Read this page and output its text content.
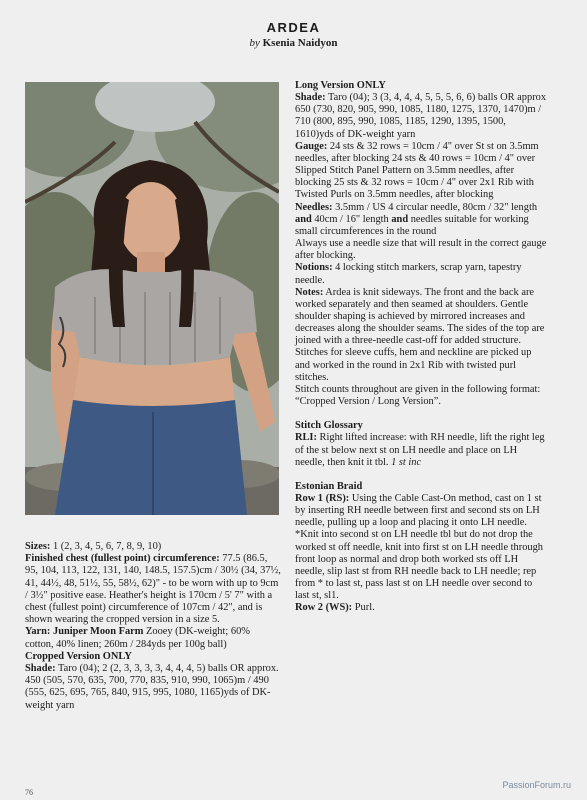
ARDEA
by Ksenia Naidyon

Sizes: 1 (2, 3, 4, 5, 6, 7, 8, 9, 10)

Finished chest (fullest point) circumference: 77.5 (86.5, 95, 104, 113, 122, 131, 140, 148.5, 157.5)cm / 30½ (34, 37½, 41, 44½, 48, 51½, 55, 58½, 62)" - to be worn with up to 9cm / 3½" positive ease. Heather's height is 170cm / 5' 7" with a chest (fullest point) circumference of 107cm / 42", and is shown wearing the cropped version in a size 5.

Yarn: Juniper Moon Farm Zooey (DK-weight; 60% cotton, 40% linen; 260m / 284yds per 100g ball)

Cropped Version ONLY

Shade: Taro (04); 2 (2, 3, 3, 3, 3, 4, 4, 4, 5) balls OR approx. 450 (505, 570, 635, 700, 770, 835, 910, 990, 1065)m / 490 (555, 625, 695, 765, 840, 915, 995, 1080, 1165)yds of DK-weight yarn

Long Version ONLY

Shade: Taro (04); 3 (3, 4, 4, 4, 5, 5, 5, 6, 6) balls OR approx 650 (730, 820, 905, 990, 1085, 1180, 1275, 1370, 1470)m / 710 (800, 895, 990, 1085, 1185, 1290, 1395, 1500, 1610)yds of DK-weight yarn

Gauge: 24 sts & 32 rows = 10cm / 4" over St st on 3.5mm needles, after blocking 24 sts & 40 rows = 10cm / 4" over Slipped Stitch Panel Pattern on 3.5mm needles, after blocking 25 sts & 32 rows = 10cm / 4" over 2x1 Rib with Twisted Purls on 3.5mm needles, after blocking

Needles: 3.5mm / US 4 circular needle, 80cm / 32" length and 40cm / 16" length and needles suitable for working small circumferences in the round

Always use a needle size that will result in the correct gauge after blocking.

Notions: 4 locking stitch markers, scrap yarn, tapestry needle.

Notes: Ardea is knit sideways. The front and the back are worked separately and then seamed at shoulders. Gentle shoulder shaping is achieved by mirrored increases and decreases along the shoulder seams. The sides of the top are joined with a three-needle cast-off for added structure. Stitches for sleeve cuffs, hem and neckline are picked up and worked in the round in 2x1 Rib with twisted purl stitches.

Stitch counts throughout are given in the following format: “Cropped Version / Long Version”.

Stitch Glossary

RLI: Right lifted increase: with RH needle, lift the right leg of the st below next st on LH needle and place on LH needle, then knit it tbl. 1 st inc

Estonian Braid

Row 1 (RS): Using the Cable Cast-On method, cast on 1 st by inserting RH needle between first and second sts on LH needle, pulling up a loop and placing it onto LH needle. *Knit into second st on LH needle tbl but do not drop the worked st off needle, knit into first st on LH needle through front loop as normal and drop both worked sts off LH needle, slip last st from RH needle back to LH needle; rep from * to last st, pass last st on LH needle over second to last st, sl1.

Row 2 (WS): Purl.

76
PassionForum.ru
